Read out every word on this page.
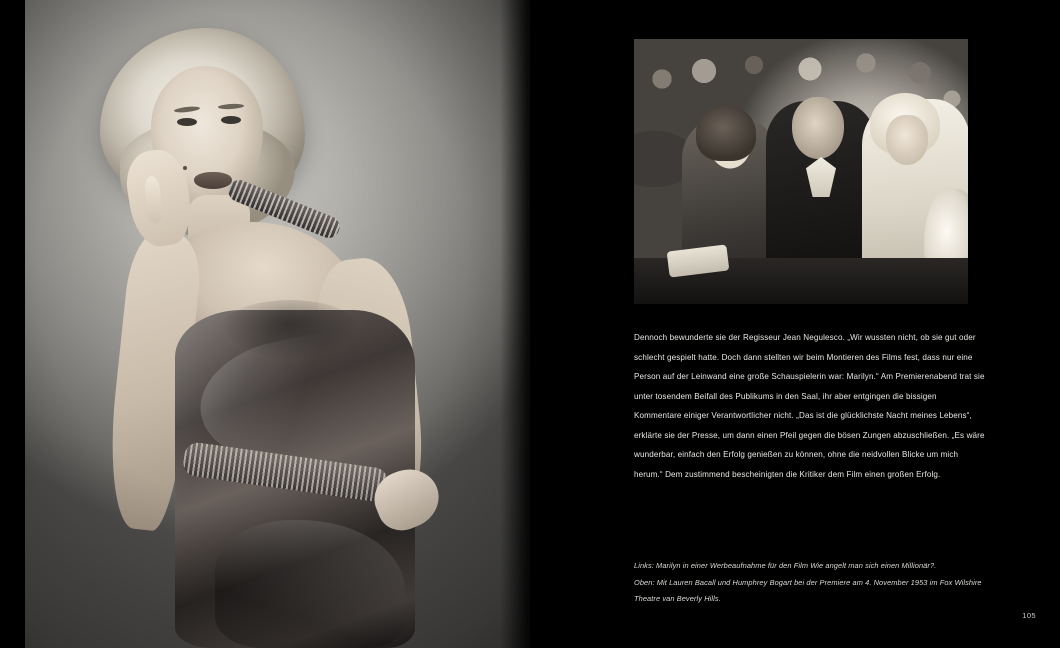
Dennoch bewunderte sie der Regisseur Jean Negulesco. „Wir wussten nicht, ob sie gut oder schlecht gespielt hatte. Doch dann stellten wir beim Montieren des Films fest, dass nur eine Person auf der Leinwand eine große Schauspielerin war: Marilyn.“ Am Premierenabend trat sie unter tosendem Beifall des Publikums in den Saal, ihr aber entgingen die bissigen Kommentare einiger Verantwortlicher nicht. „Das ist die glücklichste Nacht meines Lebens“, erklärte sie der Presse, um dann einen Pfeil gegen die bösen Zungen abzuschließen. „Es wäre wunderbar, einfach den Erfolg genießen zu können, ohne die neidvollen Blicke um mich herum.“ Dem zustimmend bescheinigten die Kritiker dem Film einen großen Erfolg.

Links: Marilyn in einer Werbeaufnahme für den Film Wie angelt man sich einen Millionär?.

Oben: Mit Lauren Bacall und Humphrey Bogart bei der Premiere am 4. November 1953 im Fox Wilshire Theatre van Beverly Hills.

105
